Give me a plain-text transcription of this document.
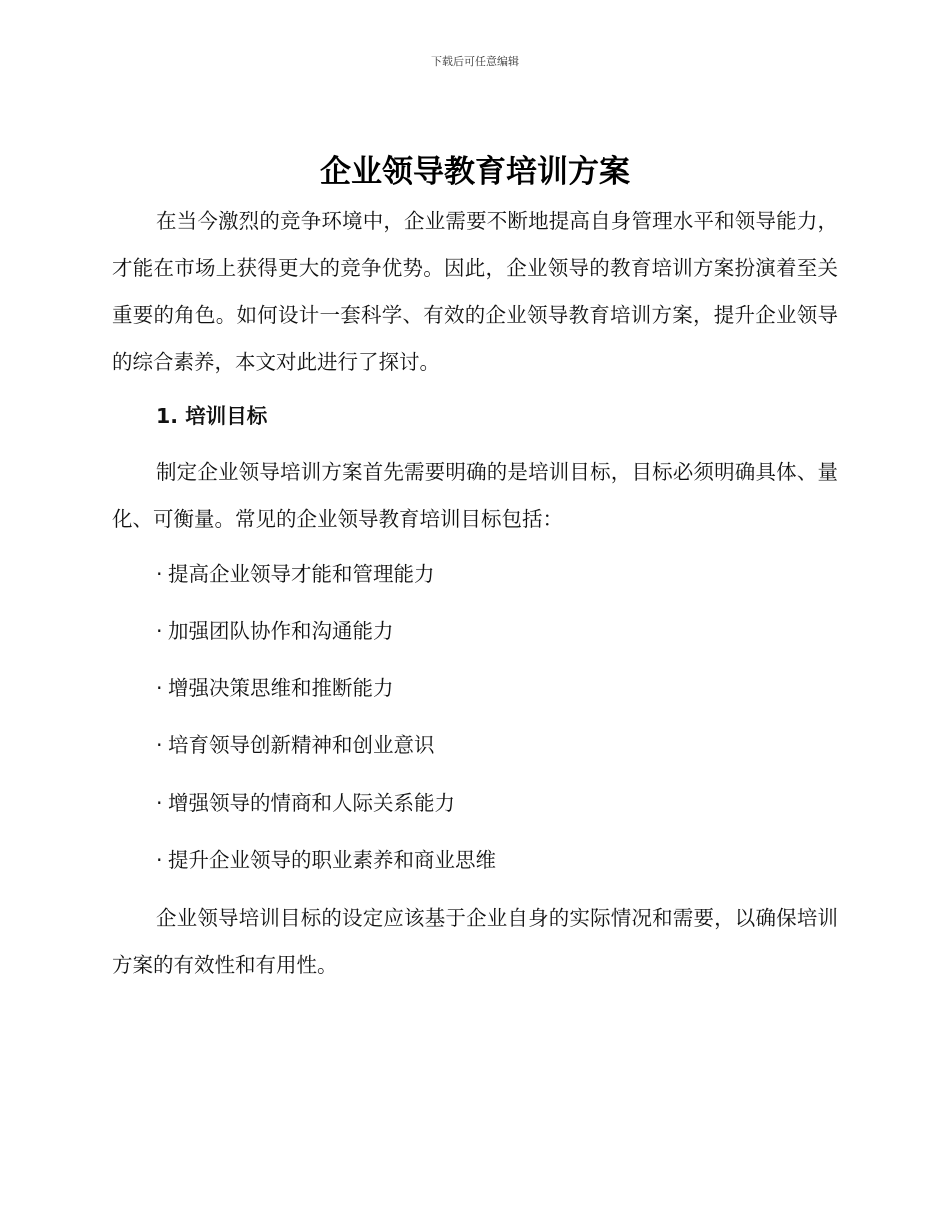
下载后可任意编辑
企业领导教育培训方案

在当今激烈的竞争环境中，企业需要不断地提高自身管理水平和领导能力，才能在市场上获得更大的竞争优势。因此，企业领导的教育培训方案扮演着至关重要的角色。如何设计一套科学、有效的企业领导教育培训方案，提升企业领导的综合素养，本文对此进行了探讨。

1. 培训目标

制定企业领导培训方案首先需要明确的是培训目标，目标必须明确具体、量化、可衡量。常见的企业领导教育培训目标包括：

· 提高企业领导才能和管理能力

· 加强团队协作和沟通能力

· 增强决策思维和推断能力

· 培育领导创新精神和创业意识

· 增强领导的情商和人际关系能力

· 提升企业领导的职业素养和商业思维

企业领导培训目标的设定应该基于企业自身的实际情况和需要，以确保培训方案的有效性和有用性。
